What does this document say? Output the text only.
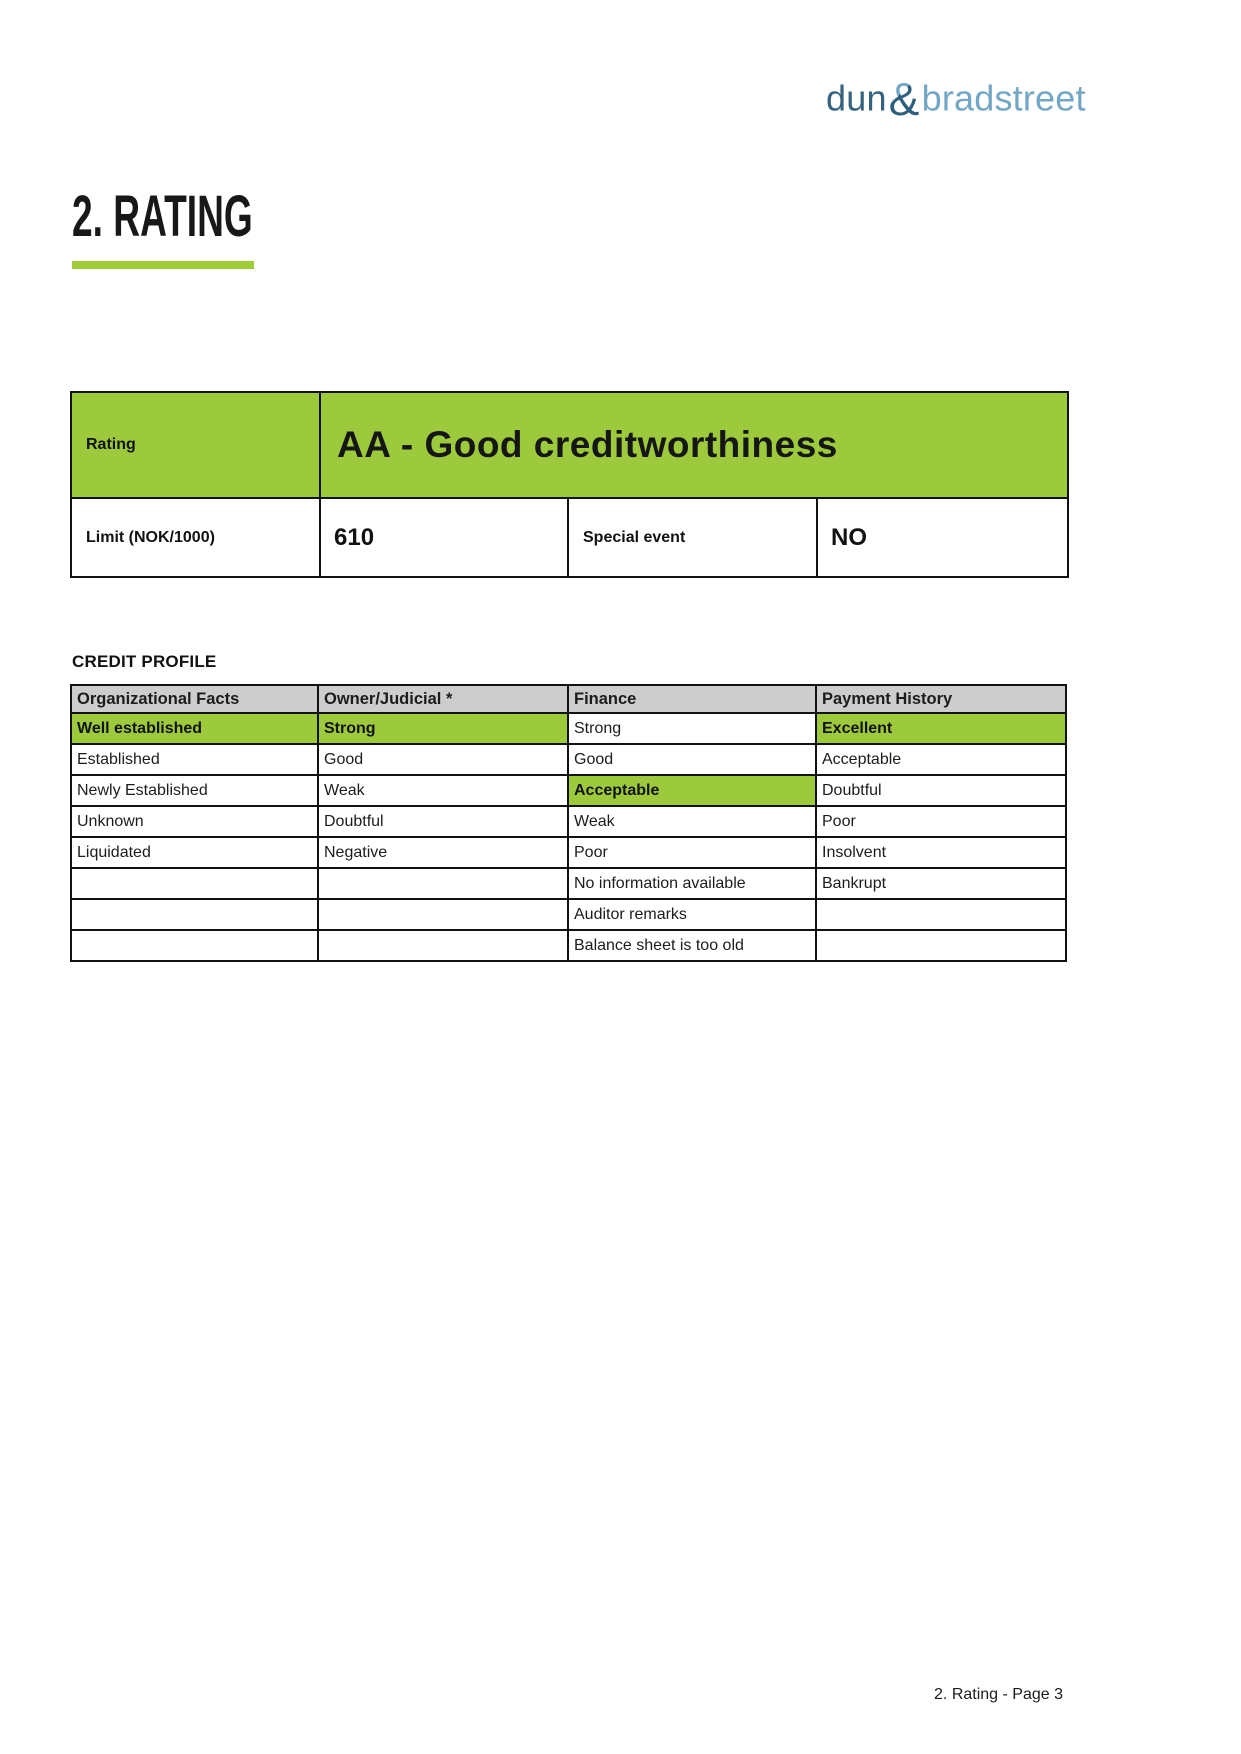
dun&bradstreet
2. RATING
Rating	AA - Good creditworthiness		
Limit (NOK/1000)	610	Special event	NO
CREDIT PROFILE
Organizational Facts	Owner/Judicial *	Finance	Payment History
Well established	Strong	Strong	Excellent
Established	Good	Good	Acceptable
Newly Established	Weak	Acceptable	Doubtful
Unknown	Doubtful	Weak	Poor
Liquidated	Negative	Poor	Insolvent
		No information available	Bankrupt
		Auditor remarks	
		Balance sheet is too old	
2. Rating - Page 3
